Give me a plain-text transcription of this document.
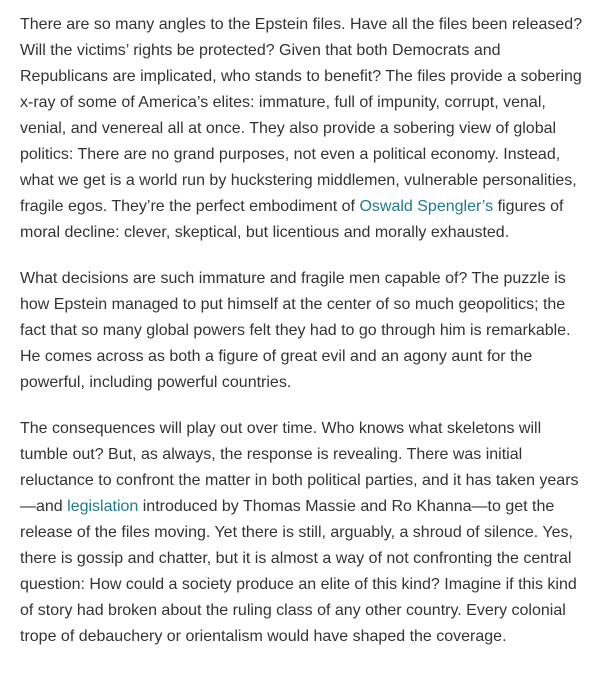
There are so many angles to the Epstein files. Have all the files been released? Will the victims’ rights be protected? Given that both Democrats and Republicans are implicated, who stands to benefit? The files provide a sobering x-ray of some of America’s elites: immature, full of impunity, corrupt, venal, venial, and venereal all at once. They also provide a sobering view of global politics: There are no grand purposes, not even a political economy. Instead, what we get is a world run by huckstering middlemen, vulnerable personalities, fragile egos. They’re the perfect embodiment of Oswald Spengler’s figures of moral decline: clever, skeptical, but licentious and morally exhausted.

What decisions are such immature and fragile men capable of? The puzzle is how Epstein managed to put himself at the center of so much geopolitics; the fact that so many global powers felt they had to go through him is remarkable. He comes across as both a figure of great evil and an agony aunt for the powerful, including powerful countries.

The consequences will play out over time. Who knows what skeletons will tumble out? But, as always, the response is revealing. There was initial reluctance to confront the matter in both political parties, and it has taken years—and legislation introduced by Thomas Massie and Ro Khanna—to get the release of the files moving. Yet there is still, arguably, a shroud of silence. Yes, there is gossip and chatter, but it is almost a way of not confronting the central question: How could a society produce an elite of this kind? Imagine if this kind of story had broken about the ruling class of any other country. Every colonial trope of debauchery or orientalism would have shaped the coverage.
